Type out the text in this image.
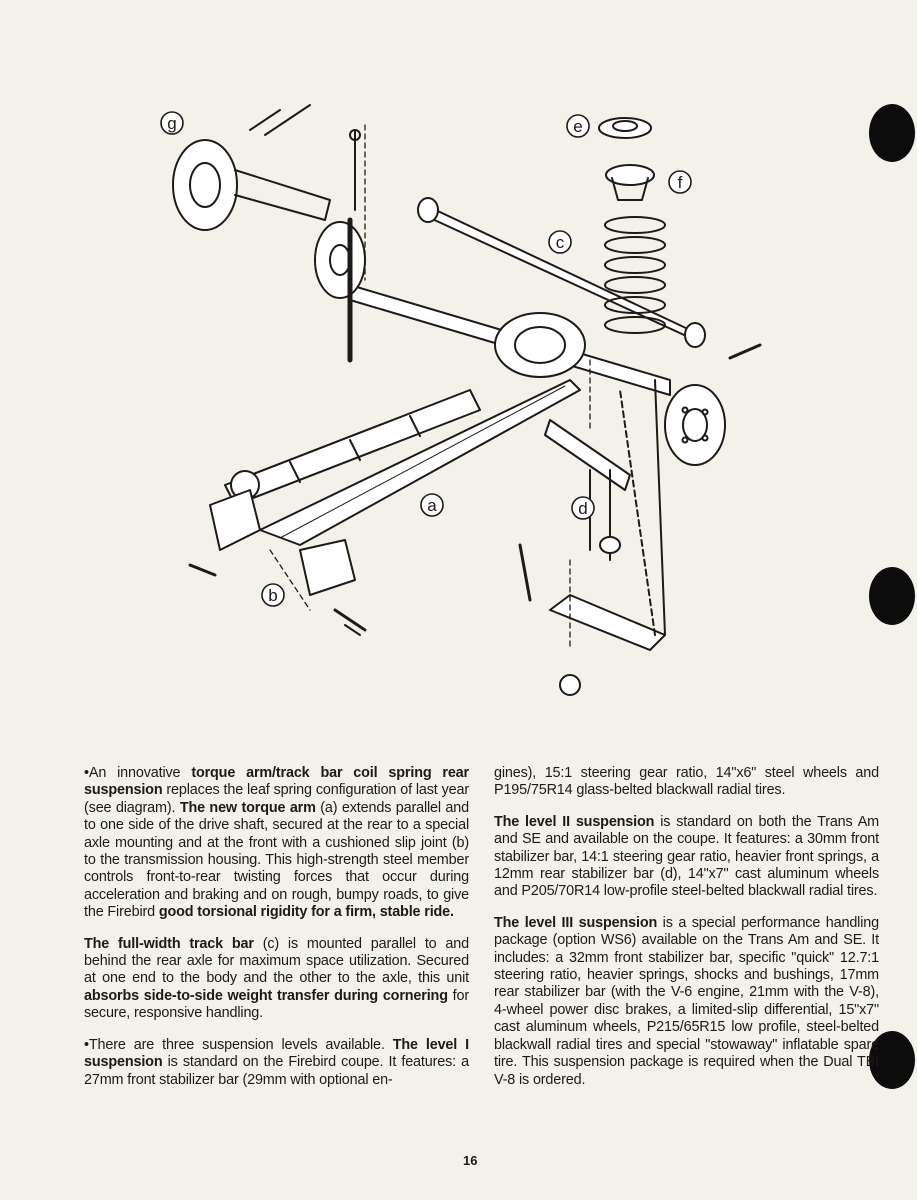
a
b
c
d
e
f
g

•An innovative torque arm/track bar coil spring rear suspension replaces the leaf spring configuration of last year (see diagram). The new torque arm (a) extends parallel and to one side of the drive shaft, secured at the rear to a special axle mounting and at the front with a cushioned slip joint (b) to the transmission housing. This high-strength steel member controls front-to-rear twisting forces that occur during acceleration and braking and on rough, bumpy roads, to give the Firebird good torsional rigidity for a firm, stable ride.

The full-width track bar (c) is mounted parallel to and behind the rear axle for maximum space utilization. Secured at one end to the body and the other to the axle, this unit absorbs side-to-side weight transfer during cornering for secure, responsive handling.

•There are three suspension levels available. The level I suspension is standard on the Firebird coupe. It features: a 27mm front stabilizer bar (29mm with optional en-

gines), 15:1 steering gear ratio, 14"x6" steel wheels and P195/75R14 glass-belted blackwall radial tires.

The level II suspension is standard on both the Trans Am and SE and available on the coupe. It features: a 30mm front stabilizer bar, 14:1 steering gear ratio, heavier front springs, a 12mm rear stabilizer bar (d), 14"x7" cast aluminum wheels and P205/70R14 low-profile steel-belted blackwall radial tires.

The level III suspension is a special performance handling package (option WS6) available on the Trans Am and SE. It includes: a 32mm front stabilizer bar, specific "quick" 12.7:1 steering ratio, heavier springs, shocks and bushings, 17mm rear stabilizer bar (with the V-6 engine, 21mm with the V-8), 4-wheel power disc brakes, a limited-slip differential, 15"x7" cast aluminum wheels, P215/65R15 low profile, steel-belted blackwall radial tires and special "stowaway" inflatable spare tire. This suspension package is required when the Dual TBI V-8 is ordered.

16
